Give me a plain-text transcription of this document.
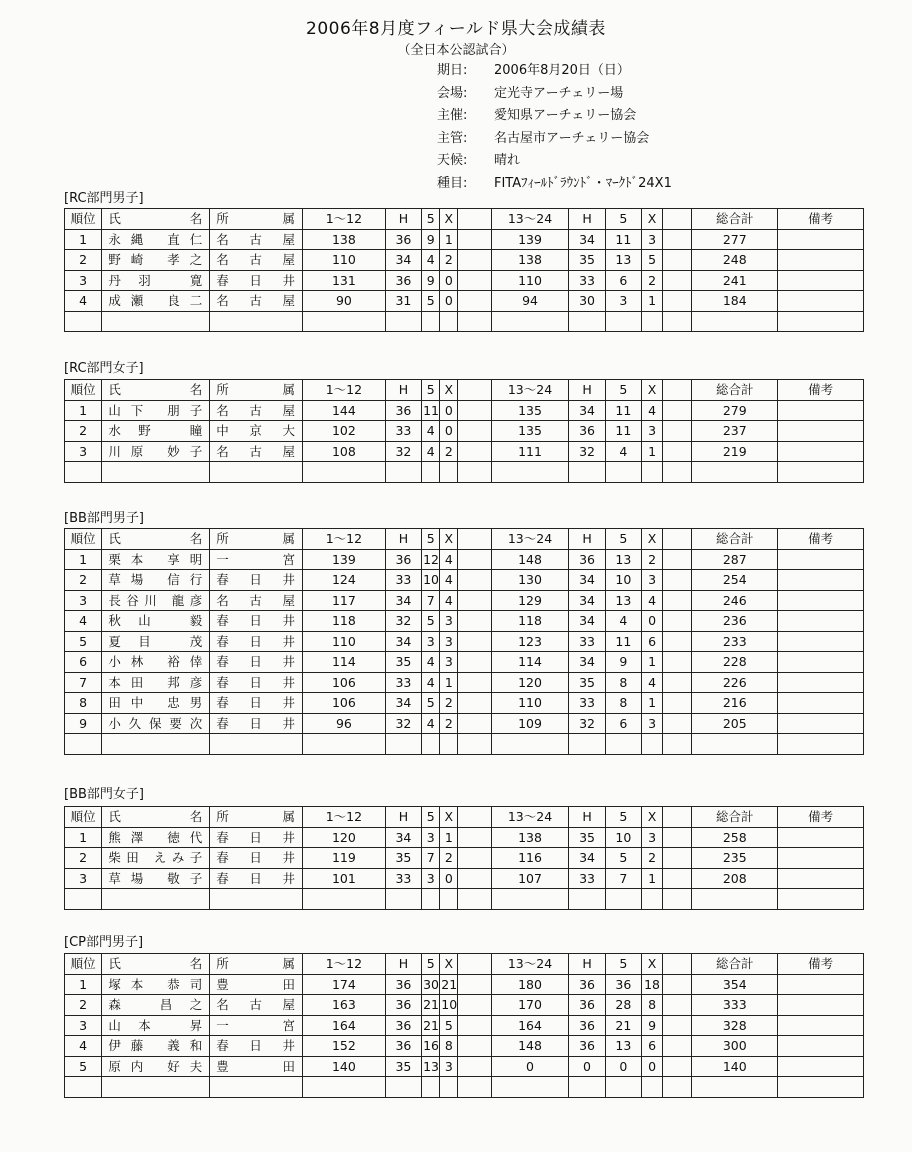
2006年8月度フィールド県大会成績表
（全日本公認試合）
期日: 2006年8月20日（日）
会場: 定光寺アーチェリー場
主催: 愛知県アーチェリー協会
主管: 名古屋市アーチェリー協会
天候: 晴れ
種目: FITAﾌｨｰﾙﾄﾞﾗｳﾝﾄﾞ・ﾏｰｸﾄﾞ24X1
[RC部門男子]
順位	氏 名	所 属	1～12	H	5	X		13～24	H	5	X		総合計	備考
1	永縄 直仁	名古屋	138	36	9	1		139	34	11	3		277	
2	野崎 孝之	名古屋	110	34	4	2		138	35	13	5		248	
3	丹羽 寛	春日井	131	36	9	0		110	33	6	2		241	
4	成瀬 良二	名古屋	90	31	5	0		94	30	3	1		184	

[RC部門女子]
順位	氏 名	所 属	1～12	H	5	X		13～24	H	5	X		総合計	備考
1	山下 朋子	名古屋	144	36	11	0		135	34	11	4		279	
2	水野 瞳	中京大	102	33	4	0		135	36	11	3		237	
3	川原 妙子	名古屋	108	32	4	2		111	32	4	1		219	

[BB部門男子]
順位	氏 名	所 属	1～12	H	5	X		13～24	H	5	X		総合計	備考
1	栗本 享明	一宮	139	36	12	4		148	36	13	2		287	
2	草場 信行	春日井	124	33	10	4		130	34	10	3		254	
3	長谷川 龍彦	名古屋	117	34	7	4		129	34	13	4		246	
4	秋山 毅	春日井	118	32	5	3		118	34	4	0		236	
5	夏目 茂	春日井	110	34	3	3		123	33	11	6		233	
6	小林 裕倖	春日井	114	35	4	3		114	34	9	1		228	
7	本田 邦彦	春日井	106	33	4	1		120	35	8	4		226	
8	田中 忠男	春日井	106	34	5	2		110	33	8	1		216	
9	小久保要次	春日井	96	32	4	2		109	32	6	3		205	

[BB部門女子]
順位	氏 名	所 属	1～12	H	5	X		13～24	H	5	X		総合計	備考
1	熊澤 徳代	春日井	120	34	3	1		138	35	10	3		258	
2	柴田 えみ子	春日井	119	35	7	2		116	34	5	2		235	
3	草場 敬子	春日井	101	33	3	0		107	33	7	1		208	

[CP部門男子]
順位	氏 名	所 属	1～12	H	5	X		13～24	H	5	X		総合計	備考
1	塚本 恭司	豊田	174	36	30	21		180	36	36	18		354	
2	森 昌之	名古屋	163	36	21	10		170	36	28	8		333	
3	山本 昇	一宮	164	36	21	5		164	36	21	9		328	
4	伊藤 義和	春日井	152	36	16	8		148	36	13	6		300	
5	原内 好夫	豊田	140	35	13	3		0	0	0	0		140	
